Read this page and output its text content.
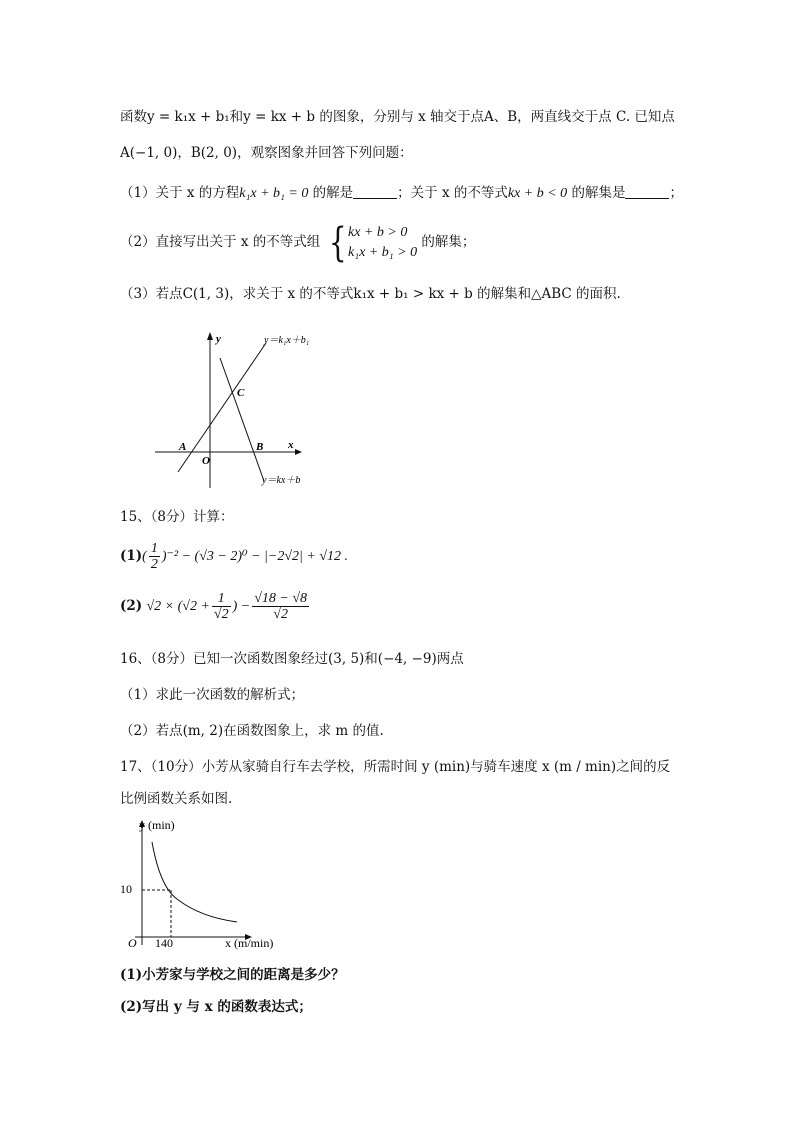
函数y = k₁x + b₁和y = kx + b 的图象，分别与 x 轴交于点A、B，两直线交于点 C. 已知点
A(−1, 0)，B(2, 0)，观察图象并回答下列问题：
（1）关于 x 的方程k₁x + b₁ = 0 的解是	；关于 x 的不等式kx + b < 0 的解集是	；
（2）直接写出关于 x 的不等式组 { kx + b > 0
k₁x + b₁ > 0
的解集；
（3）若点C(1, 3)，求关于 x 的不等式k₁x + b₁ > kx + b 的解集和△ABC 的面积.
y
x
y＝k₁x＋b₁
y＝kx＋b
C
A	B
O
15、（8分）计算：
$(1)( \frac{1}{2} )^{-2} - (√3 - 2)^0 - |-2√2| + √12$ .
(2) $√2 \times (√2 + \frac{1}{√2}$ ) − $\frac{√18 - √8}{√2}$
16、（8分）已知一次函数图象经过(3, 5)和(−4, −9)两点
（1）求此一次函数的解析式；
（2）若点(m, 2)在函数图象上，求 m 的值.
17、（10分）小芳从家骑自行车去学校，所需时间 y (min)与骑车速度 x (m / min)之间的反
比例函数关系如图.
y (min)
x (m/min)
10
140
O
(1)小芳家与学校之间的距离是多少？
(2)写出 y 与 x 的函数表达式；
